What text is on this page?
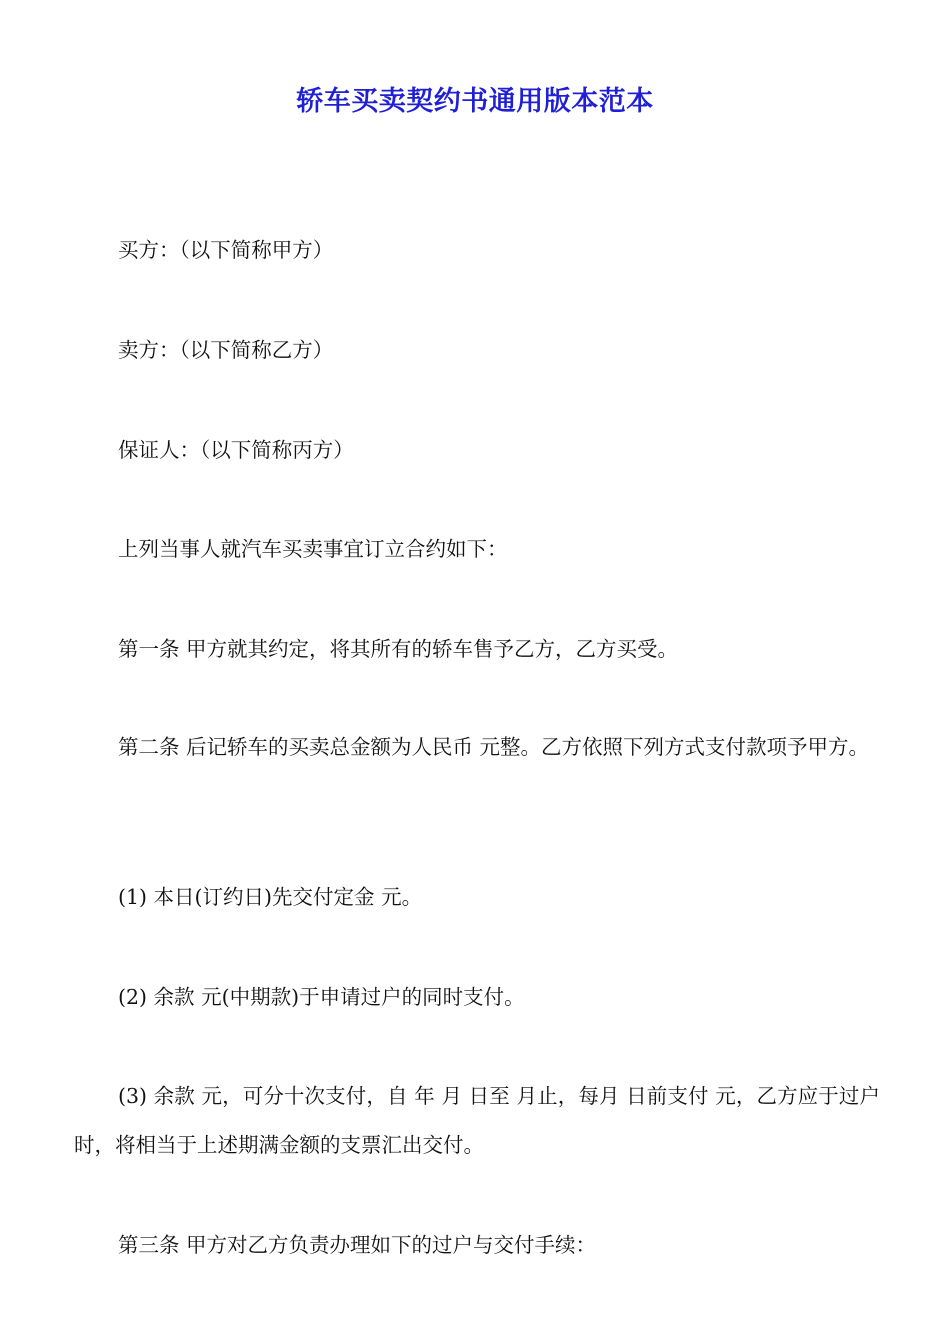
轿车买卖契约书通用版本范本

买方：（以下简称甲方）

卖方：（以下简称乙方）

保证人：（以下简称丙方）

上列当事人就汽车买卖事宜订立合约如下：

第一条 甲方就其约定，将其所有的轿车售予乙方，乙方买受。

第二条 后记轿车的买卖总金额为人民币 元整。乙方依照下列方式支付款项予甲方。

(1) 本日(订约日)先交付定金 元。

(2) 余款 元(中期款)于申请过户的同时支付。

(3) 余款 元，可分十次支付，自 年 月 日至 月止，每月 日前支付 元，乙方应于过户时，将相当于上述期满金额的支票汇出交付。

第三条 甲方对乙方负责办理如下的过户与交付手续：
